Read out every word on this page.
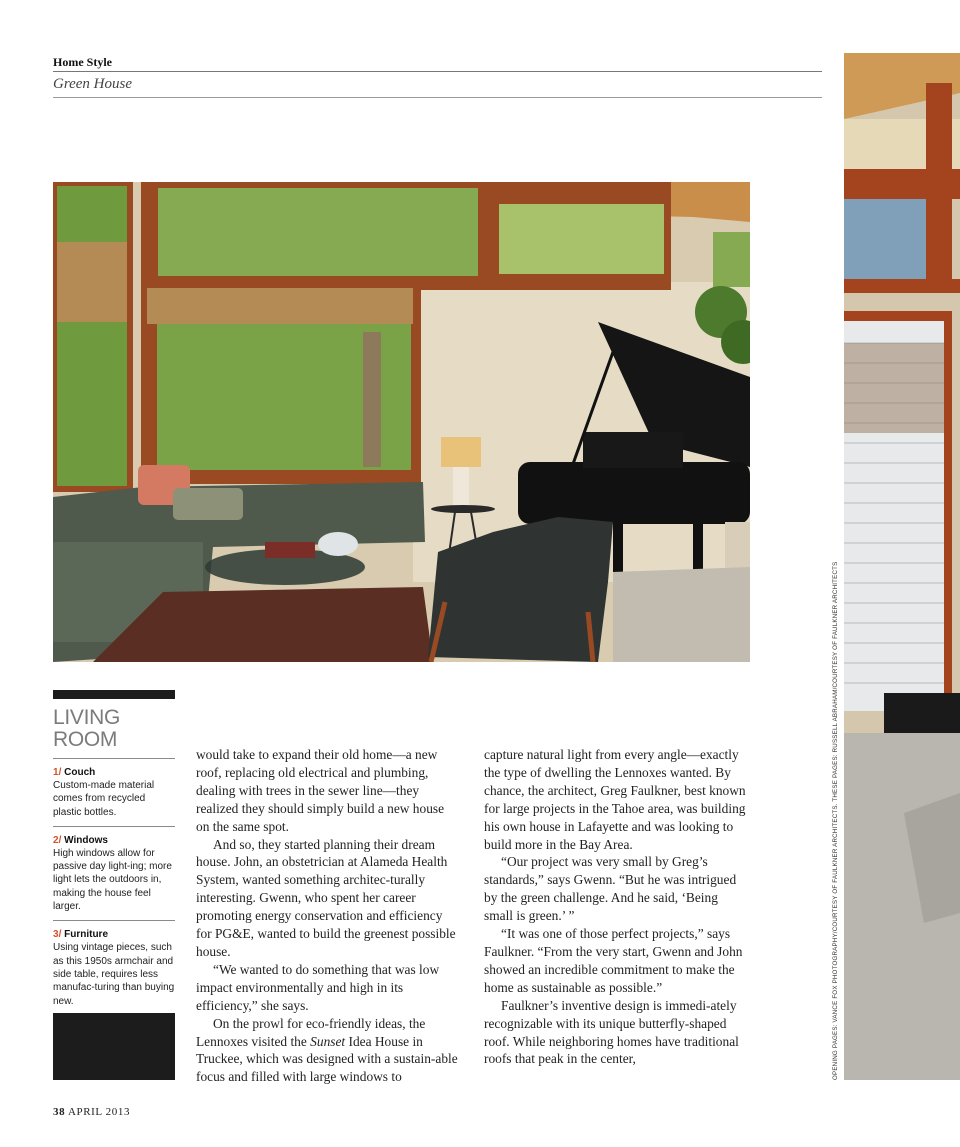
Home Style
Green House
OPENING PAGES: VANCE FOX PHOTOGRAPHY/COURTESY OF FAULKNER ARCHITECTS. THESE PAGES: RUSSELL ABRAHAM/COURTESY OF FAULKNER ARCHITECTS
LIVING
ROOM
1/ Couch
Custom-made material comes from recycled plastic bottles.
2/ Windows
High windows allow for passive day light-ing; more light lets the outdoors in, making the house feel larger.
3/ Furniture
Using vintage pieces, such as this 1950s armchair and side table, requires less manufac-turing than buying new.

would take to expand their old home—a new roof, replacing old electrical and plumbing, dealing with trees in the sewer line—they realized they should simply build a new house on the same spot.

And so, they started planning their dream house. John, an obstetrician at Alameda Health System, wanted something architec-turally interesting. Gwenn, who spent her career promoting energy conservation and efficiency for PG&E, wanted to build the greenest possible house.

“We wanted to do something that was low impact environmentally and high in its efficiency,” she says.

On the prowl for eco-friendly ideas, the Lennoxes visited the Sunset Idea House in Truckee, which was designed with a sustain-able focus and filled with large windows to

capture natural light from every angle—exactly the type of dwelling the Lennoxes wanted. By chance, the architect, Greg Faulkner, best known for large projects in the Tahoe area, was building his own house in Lafayette and was looking to build more in the Bay Area.

“Our project was very small by Greg’s standards,” says Gwenn. “But he was intrigued by the green challenge. And he said, ‘Being small is green.’ ”

“It was one of those perfect projects,” says Faulkner. “From the very start, Gwenn and John showed an incredible commitment to make the home as sustainable as possible.”

Faulkner’s inventive design is immedi-ately recognizable with its unique butterfly-shaped roof. While neighboring homes have traditional roofs that peak in the center,

38 APRIL 2013
